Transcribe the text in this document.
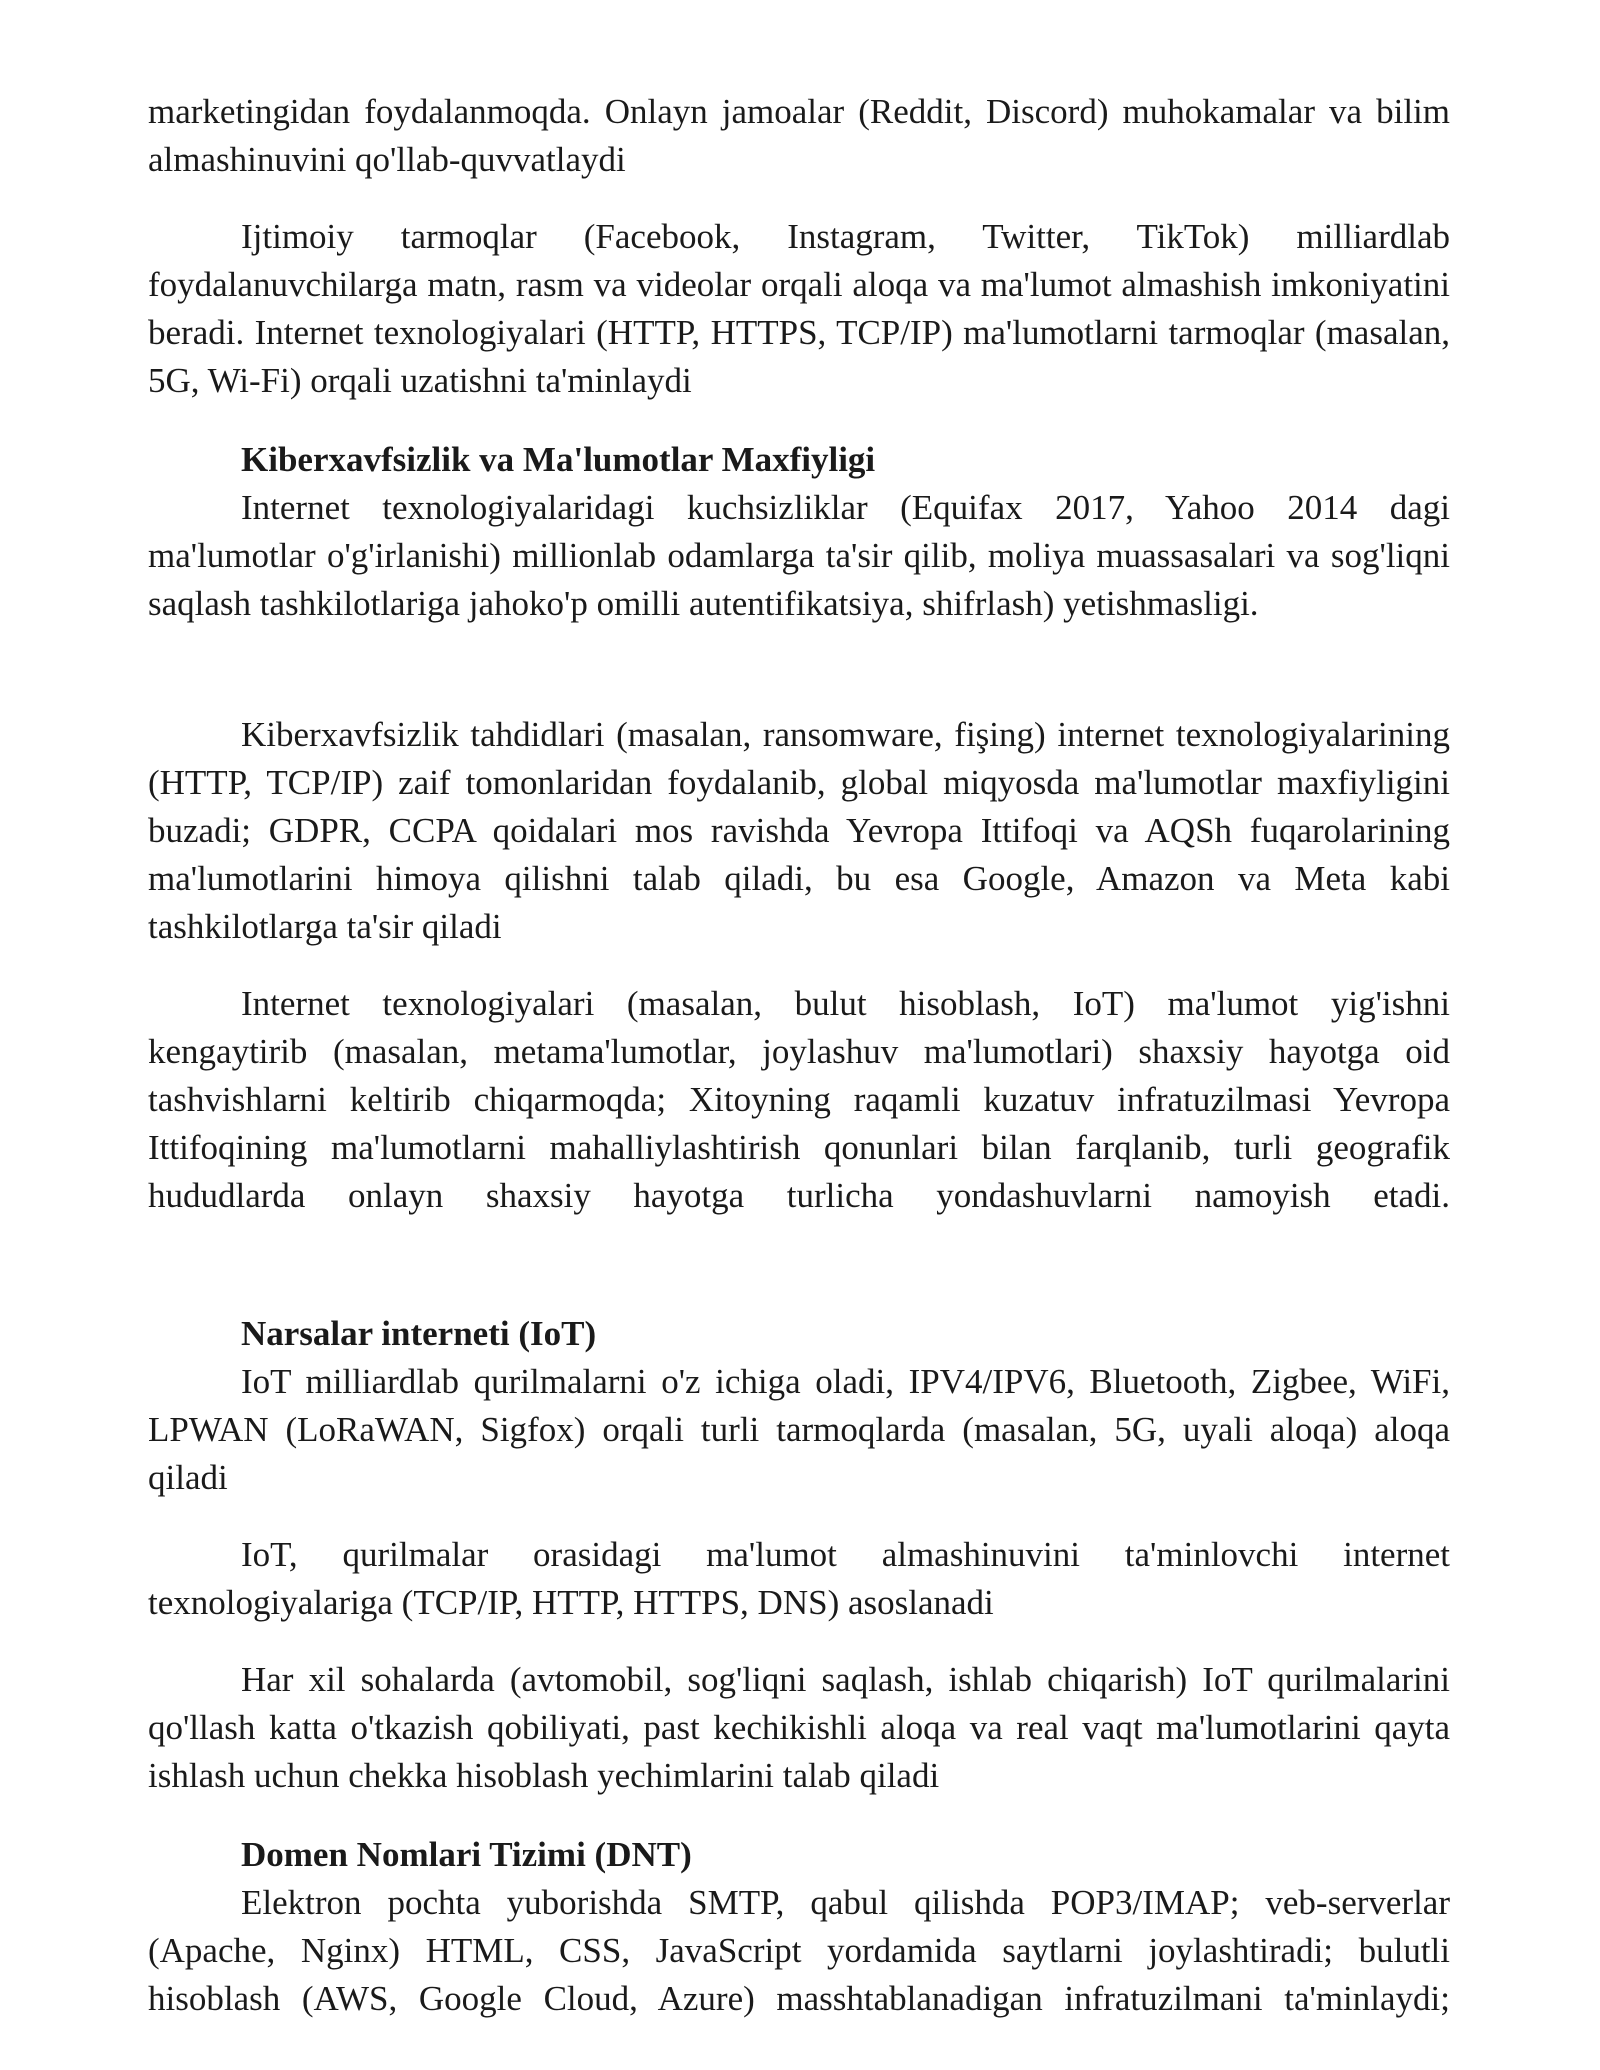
marketingidan foydalanmoqda. Onlayn jamoalar (Reddit, Discord) muhokamalar va bilim almashinuvini qo'llab-quvvatlaydi

Ijtimoiy tarmoqlar (Facebook, Instagram, Twitter, TikTok) milliardlab foydalanuvchilarga matn, rasm va videolar orqali aloqa va ma'lumot almashish imkoniyatini beradi. Internet texnologiyalari (HTTP, HTTPS, TCP/IP) ma'lumotlarni tarmoqlar (masalan, 5G, Wi-Fi) orqali uzatishni ta'minlaydi

Kiberxavfsizlik va Ma'lumotlar Maxfiyligi

Internet texnologiyalaridagi kuchsizliklar (Equifax 2017, Yahoo 2014 dagi ma'lumotlar o'g'irlanishi) millionlab odamlarga ta'sir qilib, moliya muassasalari va sog'liqni saqlash tashkilotlariga jahoko'p omilli autentifikatsiya, shifrlash) yetishmasligi.

Kiberxavfsizlik tahdidlari (masalan, ransomware, fişing) internet texnologiyalarining (HTTP, TCP/IP) zaif tomonlaridan foydalanib, global miqyosda ma'lumotlar maxfiyligini buzadi; GDPR, CCPA qoidalari mos ravishda Yevropa Ittifoqi va AQSh fuqarolarining ma'lumotlarini himoya qilishni talab qiladi, bu esa Google, Amazon va Meta kabi tashkilotlarga ta'sir qiladi

Internet texnologiyalari (masalan, bulut hisoblash, IoT) ma'lumot yig'ishni kengaytirib (masalan, metama'lumotlar, joylashuv ma'lumotlari) shaxsiy hayotga oid tashvishlarni keltirib chiqarmoqda; Xitoyning raqamli kuzatuv infratuzilmasi Yevropa Ittifoqining ma'lumotlarni mahalliylashtirish qonunlari bilan farqlanib, turli geografik hududlarda onlayn shaxsiy hayotga turlicha yondashuvlarni namoyish etadi.

Narsalar interneti (IoT)

IoT milliardlab qurilmalarni o'z ichiga oladi, IPV4/IPV6, Bluetooth, Zigbee, WiFi, LPWAN (LoRaWAN, Sigfox) orqali turli tarmoqlarda (masalan, 5G, uyali aloqa) aloqa qiladi

IoT, qurilmalar orasidagi ma'lumot almashinuvini ta'minlovchi internet texnologiyalariga (TCP/IP, HTTP, HTTPS, DNS) asoslanadi

Har xil sohalarda (avtomobil, sog'liqni saqlash, ishlab chiqarish) IoT qurilmalarini qo'llash katta o'tkazish qobiliyati, past kechikishli aloqa va real vaqt ma'lumotlarini qayta ishlash uchun chekka hisoblash yechimlarini talab qiladi

Domen Nomlari Tizimi (DNT)

Elektron pochta yuborishda SMTP, qabul qilishda POP3/IMAP; veb-serverlar (Apache, Nginx) HTML, CSS, JavaScript yordamida saytlarni joylashtiradi; bulutli hisoblash (AWS, Google Cloud, Azure) masshtablanadigan infratuzilmani ta'minlaydi;
